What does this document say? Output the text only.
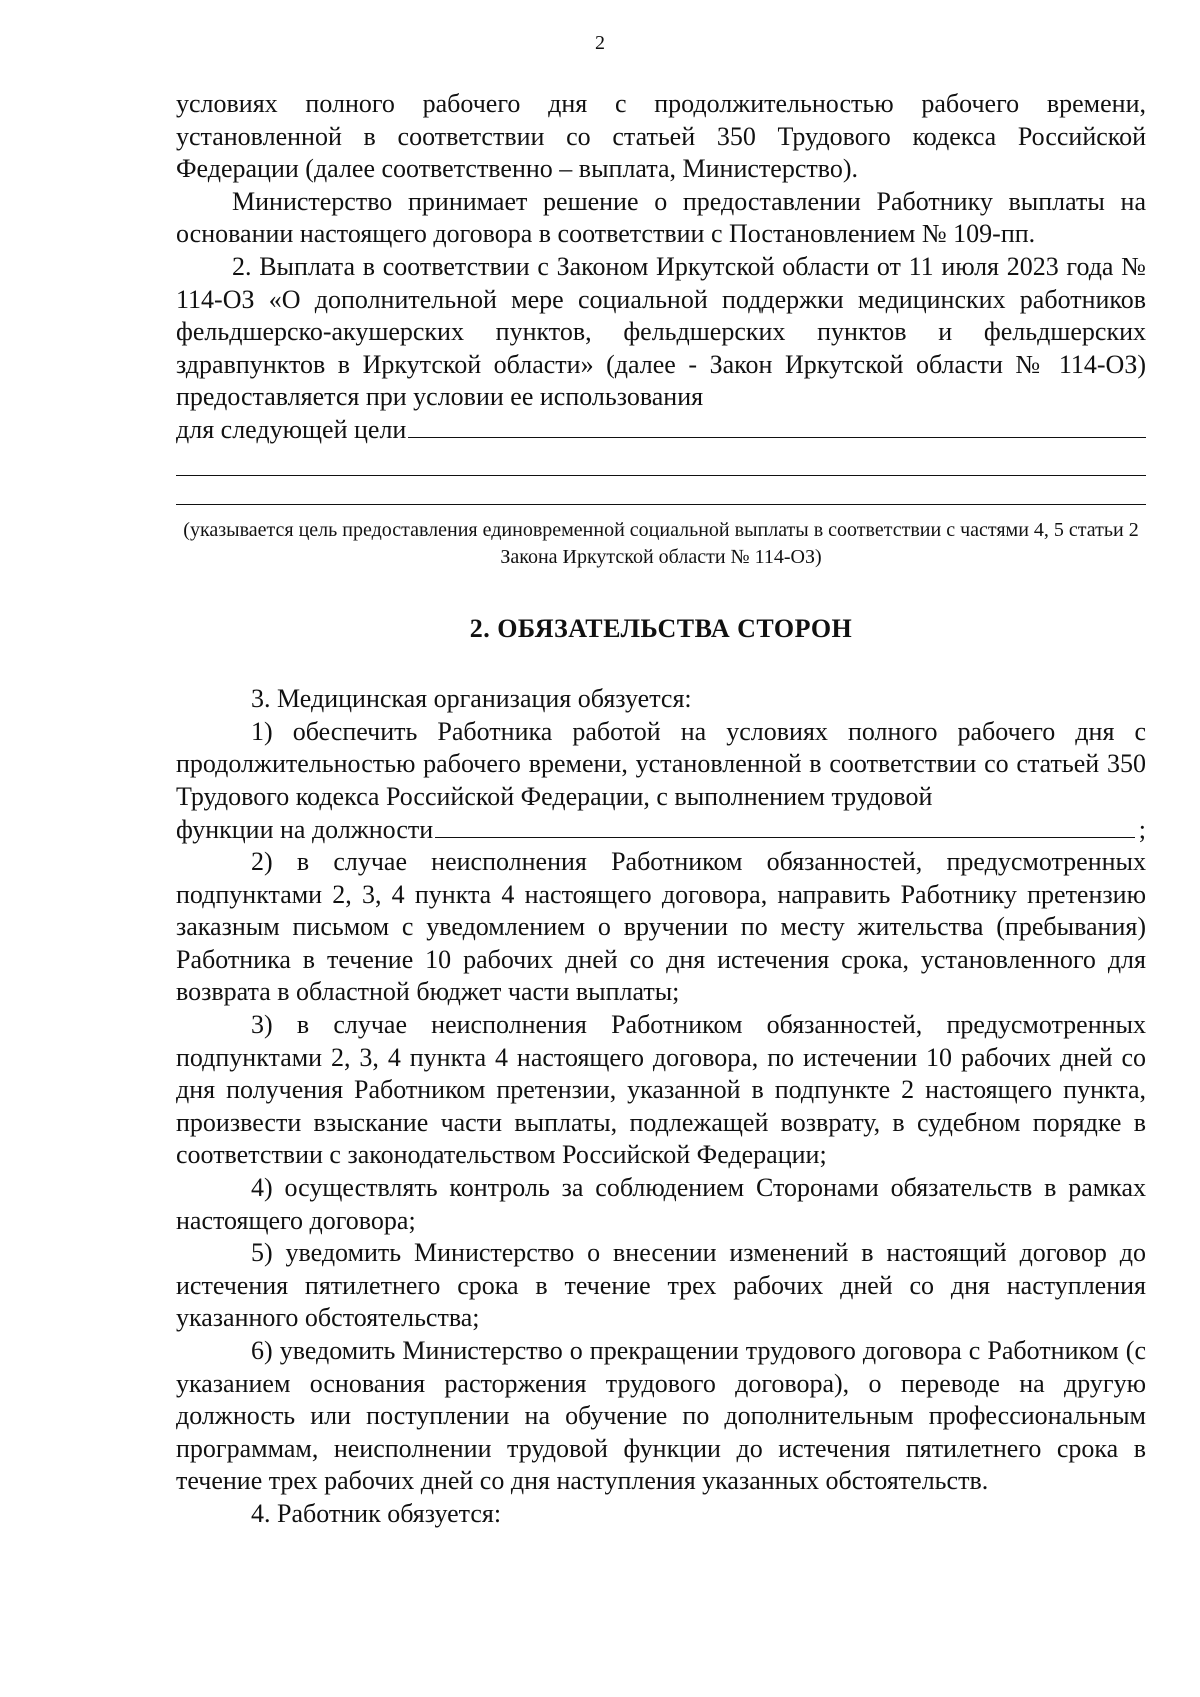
2

условиях полного рабочего дня с продолжительностью рабочего времени, установленной в соответствии со статьей 350 Трудового кодекса Российской Федерации (далее соответственно – выплата, Министерство).

Министерство принимает решение о предоставлении Работнику выплаты на основании настоящего договора в соответствии с Постановлением № 109-пп.

2. Выплата в соответствии с Законом Иркутской области от 11 июля 2023 года № 114-ОЗ «О дополнительной мере социальной поддержки медицинских работников фельдшерско-акушерских пунктов, фельдшерских пунктов и фельдшерских здравпунктов в Иркутской области» (далее - Закон Иркутской области № 114-ОЗ) предоставляется при условии ее использования

для следующей цели

(указывается цель предоставления единовременной социальной выплаты в соответствии с частями 4, 5 статьи 2 Закона Иркутской области № 114-ОЗ)

2. ОБЯЗАТЕЛЬСТВА СТОРОН

3. Медицинская организация обязуется:

1) обеспечить Работника работой на условиях полного рабочего дня с продолжительностью рабочего времени, установленной в соответствии со статьей 350 Трудового кодекса Российской Федерации, с выполнением трудовой

функции на должности	;

2) в случае неисполнения Работником обязанностей, предусмотренных подпунктами 2, 3, 4 пункта 4 настоящего договора, направить Работнику претензию заказным письмом с уведомлением о вручении по месту жительства (пребывания) Работника в течение 10 рабочих дней со дня истечения срока, установленного для возврата в областной бюджет части выплаты;

3) в случае неисполнения Работником обязанностей, предусмотренных подпунктами 2, 3, 4 пункта 4 настоящего договора, по истечении 10 рабочих дней со дня получения Работником претензии, указанной в подпункте 2 настоящего пункта, произвести взыскание части выплаты, подлежащей возврату, в судебном порядке в соответствии с законодательством Российской Федерации;

4) осуществлять контроль за соблюдением Сторонами обязательств в рамках настоящего договора;

5) уведомить Министерство о внесении изменений в настоящий договор до истечения пятилетнего срока в течение трех рабочих дней со дня наступления указанного обстоятельства;

6) уведомить Министерство о прекращении трудового договора с Работником (с указанием основания расторжения трудового договора), о переводе на другую должность или поступлении на обучение по дополнительным профессиональным программам, неисполнении трудовой функции до истечения пятилетнего срока в течение трех рабочих дней со дня наступления указанных обстоятельств.

4. Работник обязуется:
